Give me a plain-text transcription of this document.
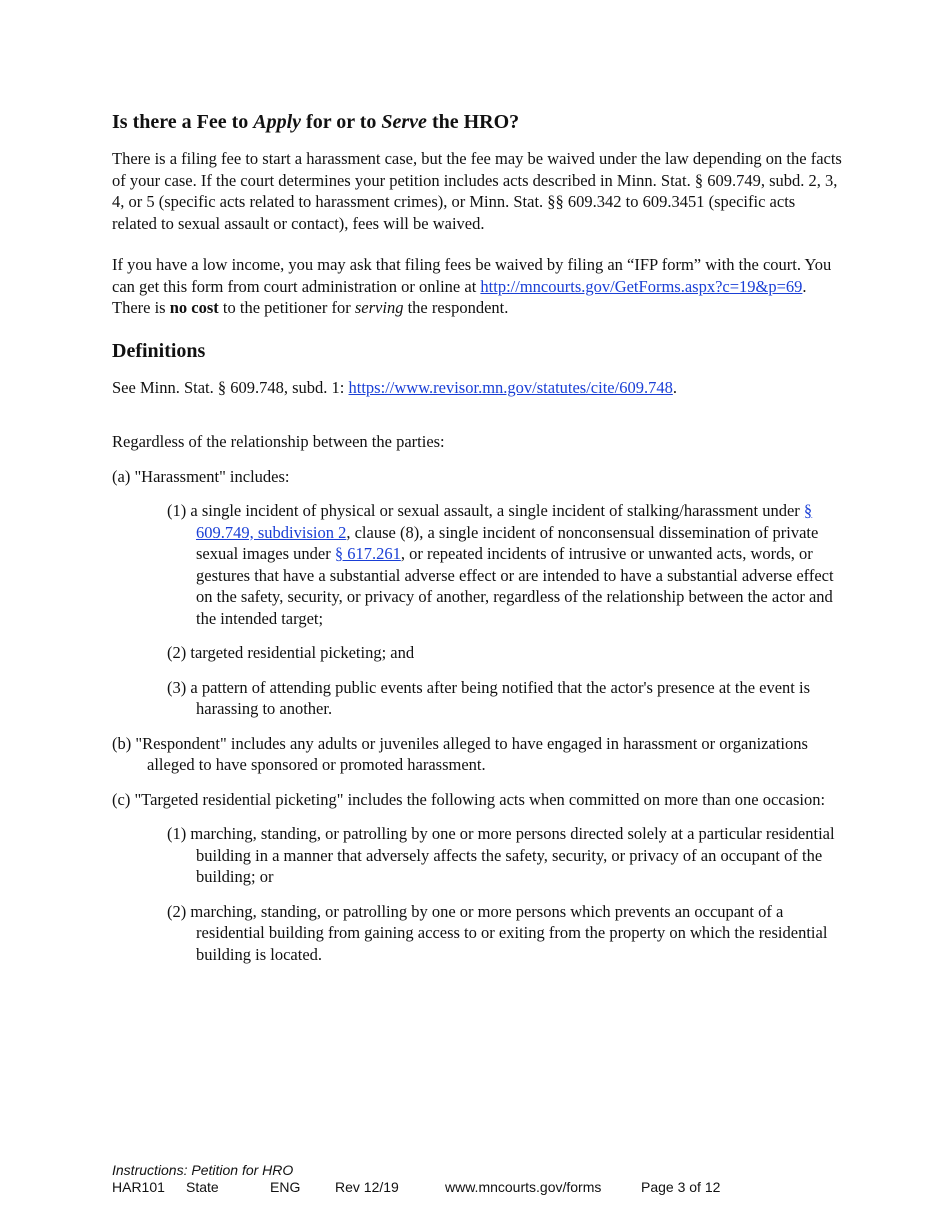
Is there a Fee to Apply for or to Serve the HRO?

There is a filing fee to start a harassment case, but the fee may be waived under the law depending on the facts of your case. If the court determines your petition includes acts described in Minn. Stat. § 609.749, subd. 2, 3, 4, or 5 (specific acts related to harassment crimes), or Minn. Stat. §§ 609.342 to 609.3451 (specific acts related to sexual assault or contact), fees will be waived.

If you have a low income, you may ask that filing fees be waived by filing an “IFP form” with the court. You can get this form from court administration or online at http://mncourts.gov/GetForms.aspx?c=19&p=69. There is no cost to the petitioner for serving the respondent.

Definitions

See Minn. Stat. § 609.748, subd. 1: https://www.revisor.mn.gov/statutes/cite/609.748.

Regardless of the relationship between the parties:

(a) "Harassment" includes:

(1) a single incident of physical or sexual assault, a single incident of stalking/harassment under § 609.749, subdivision 2, clause (8), a single incident of nonconsensual dissemination of private sexual images under § 617.261, or repeated incidents of intrusive or unwanted acts, words, or gestures that have a substantial adverse effect or are intended to have a substantial adverse effect on the safety, security, or privacy of another, regardless of the relationship between the actor and the intended target;

(2) targeted residential picketing; and

(3) a pattern of attending public events after being notified that the actor's presence at the event is harassing to another.

(b) "Respondent" includes any adults or juveniles alleged to have engaged in harassment or organizations alleged to have sponsored or promoted harassment.

(c) "Targeted residential picketing" includes the following acts when committed on more than one occasion:

(1) marching, standing, or patrolling by one or more persons directed solely at a particular residential building in a manner that adversely affects the safety, security, or privacy of an occupant of the building; or

(2) marching, standing, or patrolling by one or more persons which prevents an occupant of a residential building from gaining access to or exiting from the property on which the residential building is located.

Instructions: Petition for HRO
HAR101 State	ENG Rev 12/19	www.mncourts.gov/forms	Page 3 of 12
